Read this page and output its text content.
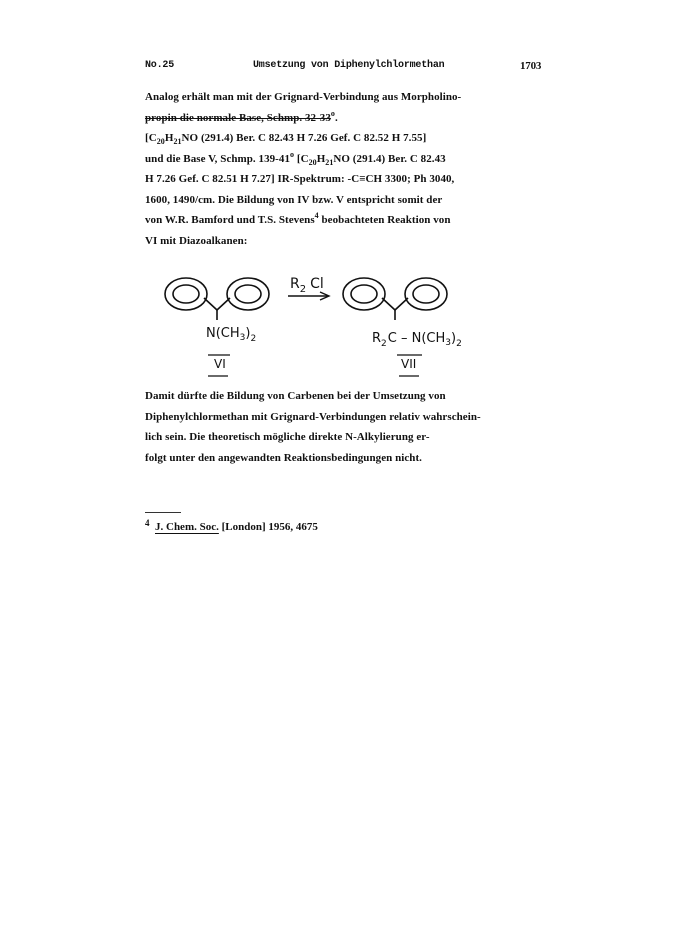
No.25	Umsetzung von Diphenylchlormethan	1703
Analog erhält man mit der Grignard-Verbindung aus Morpholino-
propin die normale Base, Schmp. 32-33$^o$.
[$C_{20}H_{21}NO$ (291.4) Ber. C 82.43 H 7.26 Gef. C 82.52 H 7.55]
und die Base V, Schmp. 139-41$^o$ [$C_{20}H_{21}NO$ (291.4) Ber. C 82.43
H 7.26 Gef. C 82.51 H 7.27] IR-Spektrum: -C≡CH 3300; Ph 3040,
1600, 1490/cm. Die Bildung von IV bzw. V entspricht somit der
von W.R. Bamford und T.S. Stevens$^4$ beobachteten Reaktion von
VI mit Diazoalkanen:
$N(CH_3)_2$
VI
$R_2$ Cl
$R_2C - N(CH_3)_2$
VII
Damit dürfte die Bildung von Carbenen bei der Umsetzung von
Diphenylchlormethan mit Grignard-Verbindungen relativ wahrschein-
lich sein. Die theoretisch mögliche direkte N-Alkylierung er-
folgt unter den angewandten Reaktionsbedingungen nicht.
$^4$ J. Chem. Soc. [London] 1956, 4675
